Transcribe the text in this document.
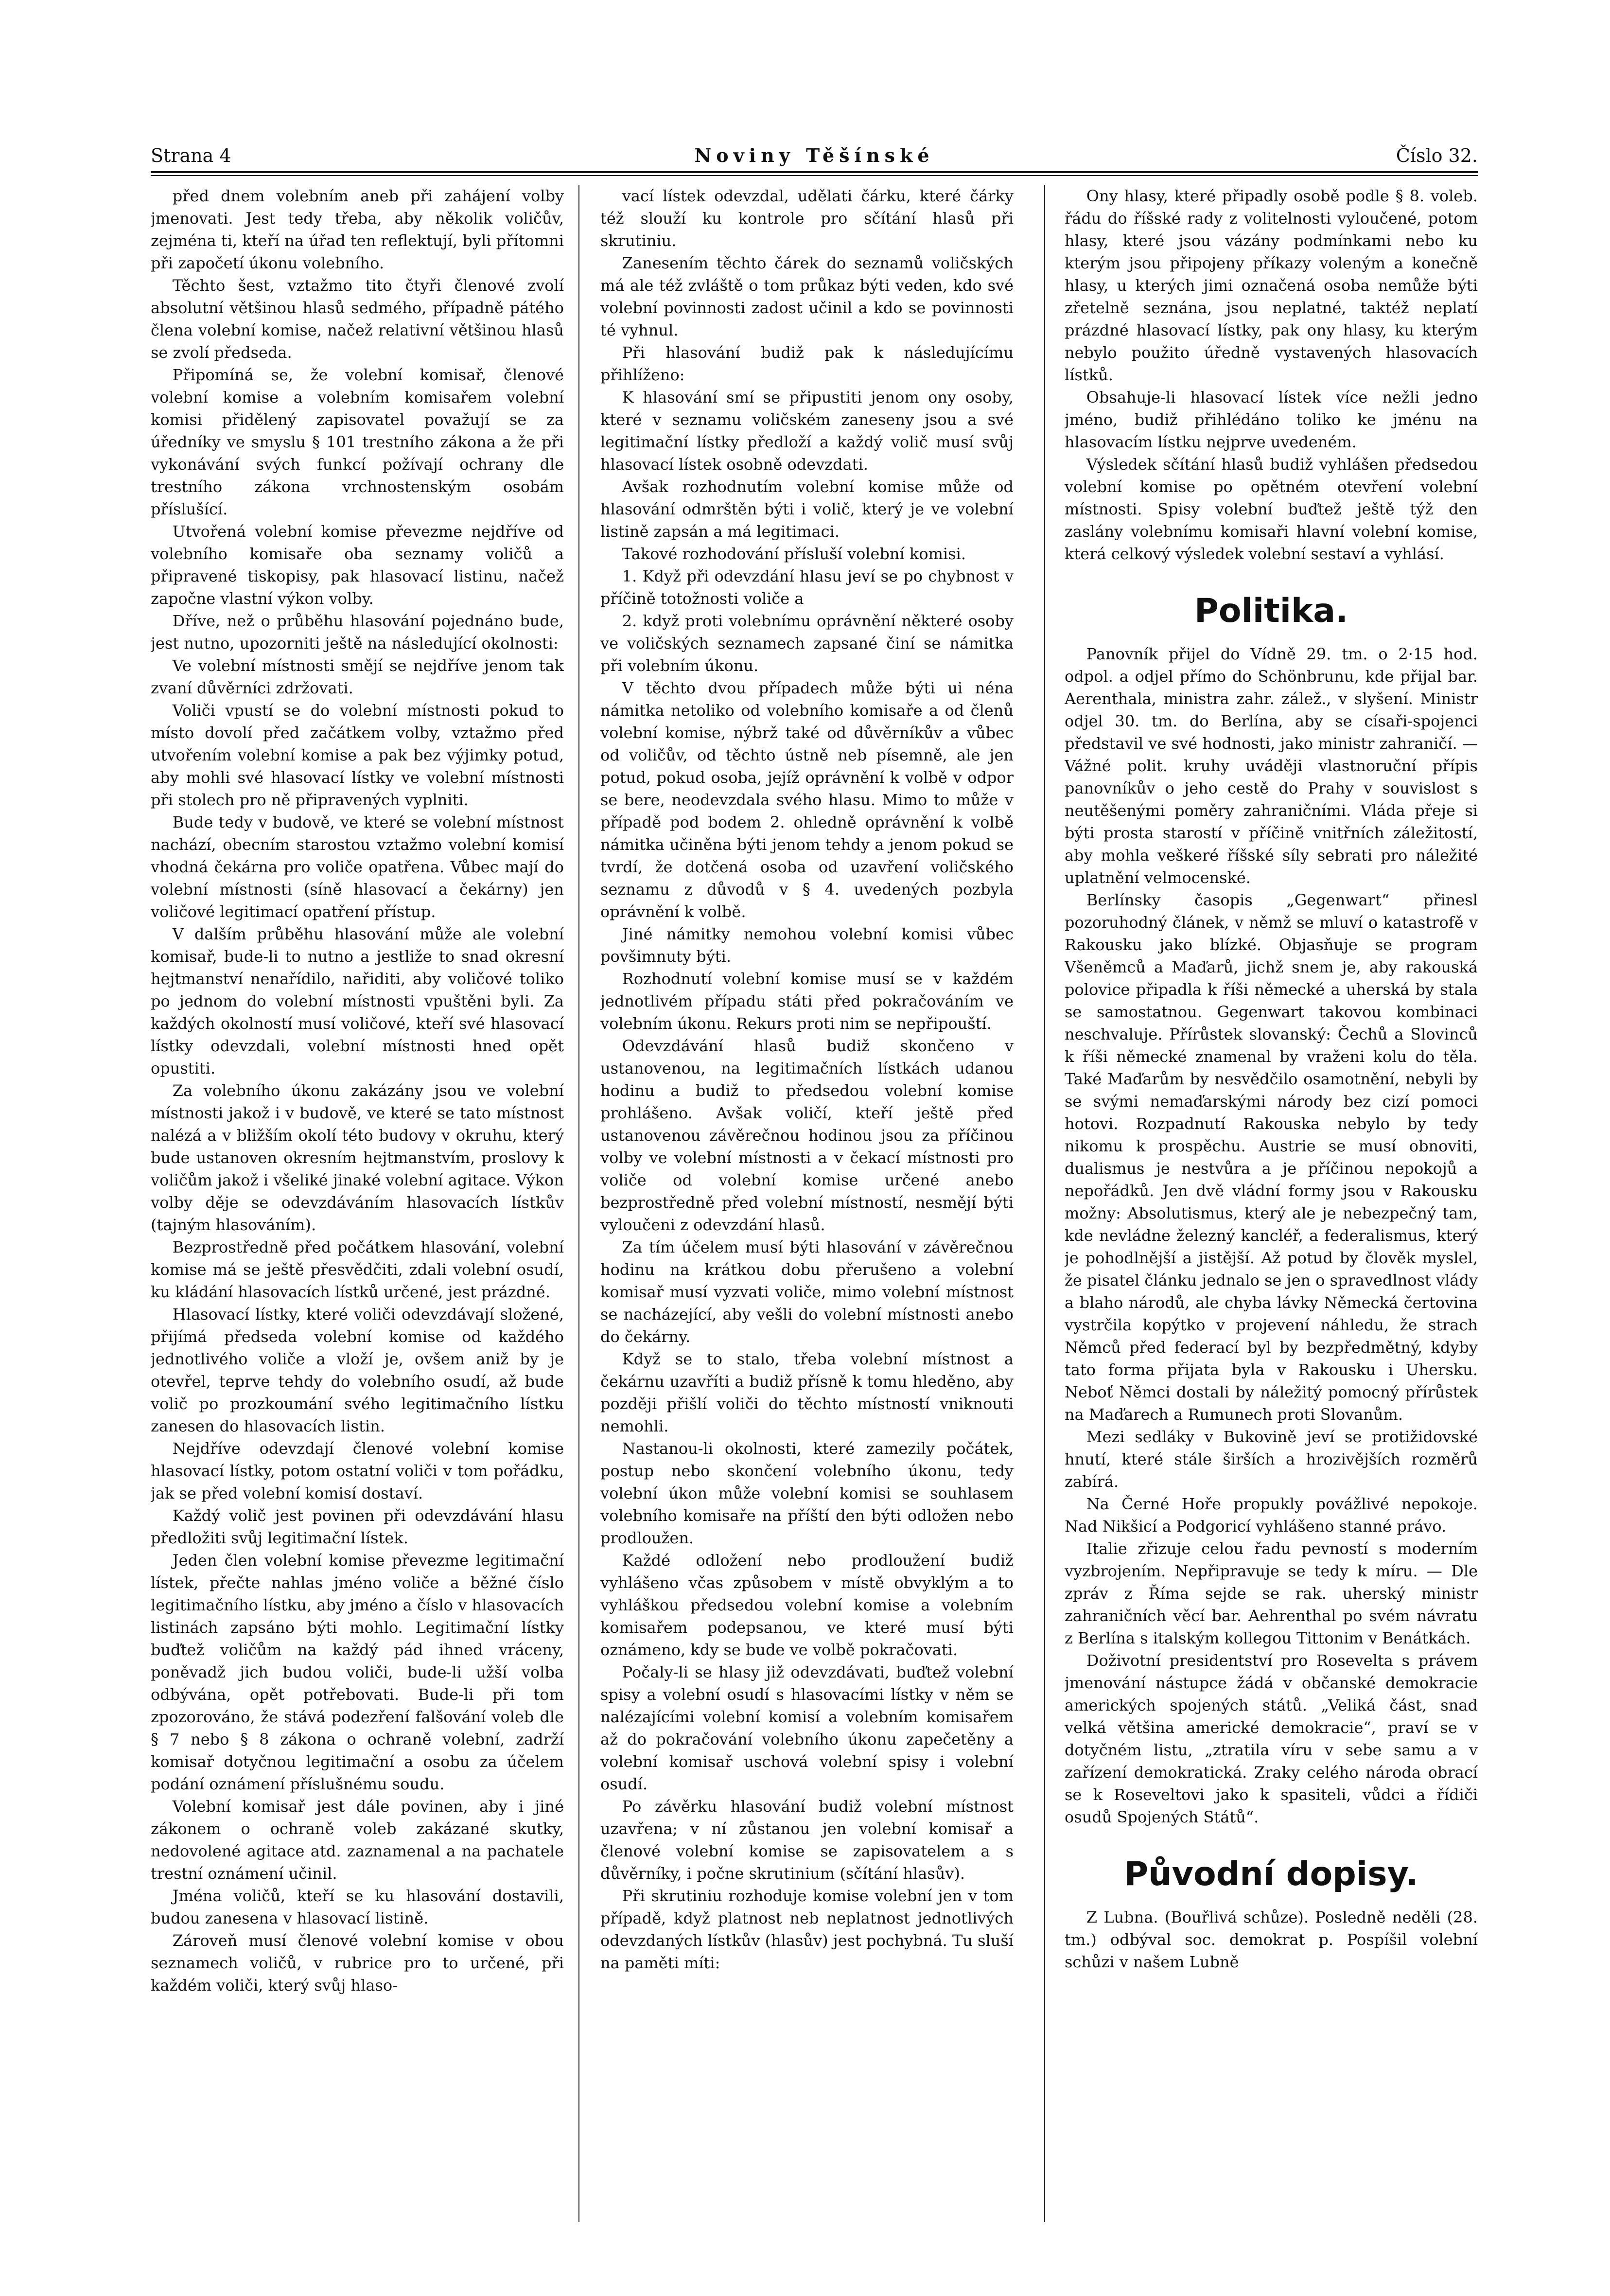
Strana 4	Noviny Těšínské	Číslo 32.

před dnem volebním aneb při zahájení volby jmenovati. Jest tedy třeba, aby několik voličův, zejména ti, kteří na úřad ten reflektují, byli přítomni při započetí úkonu volebního.

Těchto šest, vztažmo tito čtyři členové zvolí absolutní většinou hlasů sedmého, případně pátého člena volební komise, načež relativní většinou hlasů se zvolí předseda.

Připomíná se, že volební komisař, členové volební komise a volebním komisařem volební komisi přidělený zapisovatel považují se za úředníky ve smyslu § 101 trestního zákona a že při vykonávání svých funkcí požívají ochrany dle trestního zákona vrchnostenským osobám příslušící.

Utvořená volební komise převezme nejdříve od volebního komisaře oba seznamy voličů a připravené tiskopisy, pak hlasovací listinu, načež započne vlastní výkon volby.

Dříve, než o průběhu hlasování pojednáno bude, jest nutno, upozorniti ještě na následující okolnosti:

Ve volební místnosti smějí se nejdříve jenom tak zvaní důvěrníci zdržovati.

Voliči vpustí se do volební místnosti pokud to místo dovolí před začátkem volby, vztažmo před utvořením volební komise a pak bez výjimky potud, aby mohli své hlasovací lístky ve volební místnosti při stolech pro ně připravených vyplniti.

Bude tedy v budově, ve které se volební místnost nachází, obecním starostou vztažmo volební komisí vhodná čekárna pro voliče opatřena. Vůbec mají do volební místnosti (síně hlasovací a čekárny) jen voličové legitimací opatření přístup.

V dalším průběhu hlasování může ale volební komisař, bude-li to nutno a jestliže to snad okresní hejtmanství nenařídilo, nařiditi, aby voličové toliko po jednom do volební místnosti vpuštěni byli. Za každých okolností musí voličové, kteří své hlasovací lístky odevzdali, volební místnosti hned opět opustiti.

Za volebního úkonu zakázány jsou ve volební místnosti jakož i v budově, ve které se tato místnost nalézá a v bližším okolí této budovy v okruhu, který bude ustanoven okresním hejtmanstvím, proslovy k voličům jakož i všeliké jinaké volební agitace. Výkon volby děje se odevzdáváním hlasovacích lístkův (tajným hlasováním).

Bezprostředně před počátkem hlasování, volební komise má se ještě přesvědčiti, zdali volební osudí, ku kládání hlasovacích lístků určené, jest prázdné.

Hlasovací lístky, které voliči odevzdávají složené, přijímá předseda volební komise od každého jednotlivého voliče a vloží je, ovšem aniž by je otevřel, teprve tehdy do volebního osudí, až bude volič po prozkoumání svého legitimačního lístku zanesen do hlasovacích listin.

Nejdříve odevzdají členové volební komise hlasovací lístky, potom ostatní voliči v tom pořádku, jak se před volební komisí dostaví.

Každý volič jest povinen při odevzdávání hlasu předložiti svůj legitimační lístek.

Jeden člen volební komise převezme legitimační lístek, přečte nahlas jméno voliče a běžné číslo legitimačního lístku, aby jméno a číslo v hlasovacích listinách zapsáno býti mohlo. Legitimační lístky buďtež voličům na každý pád ihned vráceny, poněvadž jich budou voliči, bude-li užší volba odbývána, opět potřebovati. Bude-li při tom zpozorováno, že stává podezření falšování voleb dle § 7 nebo § 8 zákona o ochraně volební, zadrží komisař dotyčnou legitimační a osobu za účelem podání oznámení příslušnému soudu.

Volební komisař jest dále povinen, aby i jiné zákonem o ochraně voleb zakázané skutky, nedovolené agitace atd. zaznamenal a na pachatele trestní oznámení učinil.

Jména voličů, kteří se ku hlasování dostavili, budou zanesena v hlasovací listině.

Zároveň musí členové volební komise v obou seznamech voličů, v rubrice pro to určené, při každém voliči, který svůj hlaso-

vací lístek odevzdal, udělati čárku, které čárky též slouží ku kontrole pro sčítání hlasů při skrutiniu.

Zanesením těchto čárek do seznamů voličských má ale též zvláště o tom průkaz býti veden, kdo své volební povinnosti zadost učinil a kdo se povinnosti té vyhnul.

Při hlasování budiž pak k následujícímu přihlíženo:

K hlasování smí se připustiti jenom ony osoby, které v seznamu voličském zaneseny jsou a své legitimační lístky předloží a každý volič musí svůj hlasovací lístek osobně odevzdati.

Avšak rozhodnutím volební komise může od hlasování odmrštěn býti i volič, který je ve volební listině zapsán a má legitimaci.

Takové rozhodování přísluší volební komisi.

1. Když při odevzdání hlasu jeví se po chybnost v příčině totožnosti voliče a

2. když proti volebnímu oprávnění některé osoby ve voličských seznamech zapsané činí se námitka při volebním úkonu.

V těchto dvou případech může býti ui néna námitka netoliko od volebního komisaře a od členů volební komise, nýbrž také od důvěrníkův a vůbec od voličův, od těchto ústně neb písemně, ale jen potud, pokud osoba, jejíž oprávnění k volbě v odpor se bere, neodevzdala svého hlasu. Mimo to může v případě pod bodem 2. ohledně oprávnění k volbě námitka učiněna býti jenom tehdy a jenom pokud se tvrdí, že dotčená osoba od uzavření voličského seznamu z důvodů v § 4. uvedených pozbyla oprávnění k volbě.

Jiné námitky nemohou volební komisi vůbec povšimnuty býti.

Rozhodnutí volební komise musí se v každém jednotlivém případu státi před pokračováním ve volebním úkonu. Rekurs proti nim se nepřipouští.

Odevzdávání hlasů budiž skončeno v ustanovenou, na legitimačních lístkách udanou hodinu a budiž to předsedou volební komise prohlášeno. Avšak voličí, kteří ještě před ustanovenou závěrečnou hodinou jsou za příčinou volby ve volební místnosti a v čekací místnosti pro voliče od volební komise určené anebo bezprostředně před volební místností, nesmějí býti vyloučeni z odevzdání hlasů.

Za tím účelem musí býti hlasování v závěrečnou hodinu na krátkou dobu přerušeno a volební komisař musí vyzvati voliče, mimo volební místnost se nacházející, aby vešli do volební místnosti anebo do čekárny.

Když se to stalo, třeba volební místnost a čekárnu uzavříti a budiž přísně k tomu hleděno, aby později přišlí voliči do těchto místností vniknouti nemohli.

Nastanou-li okolnosti, které zamezily počátek, postup nebo skončení volebního úkonu, tedy volební úkon může volební komisi se souhlasem volebního komisaře na příští den býti odložen nebo prodloužen.

Každé odložení nebo prodloužení budiž vyhlášeno včas způsobem v místě obvyklým a to vyhláškou předsedou volební komise a volebním komisařem podepsanou, ve které musí býti oznámeno, kdy se bude ve volbě pokračovati.

Počaly-li se hlasy již odevzdávati, buďtež volební spisy a volební osudí s hlasovacími lístky v něm se nalézajícími volební komisí a volebním komisařem až do pokračování volebního úkonu zapečetěny a volební komisař uschová volební spisy i volební osudí.

Po závěrku hlasování budiž volební místnost uzavřena; v ní zůstanou jen volební komisař a členové volební komise se zapisovatelem a s důvěrníky, i počne skrutinium (sčítání hlasův).

Při skrutiniu rozhoduje komise volební jen v tom případě, když platnost neb neplatnost jednotlivých odevzdaných lístkův (hlasův) jest pochybná. Tu sluší na paměti míti:

Ony hlasy, které připadly osobě podle § 8. voleb. řádu do říšské rady z volitelnosti vyloučené, potom hlasy, které jsou vázány podmínkami nebo ku kterým jsou připojeny příkazy voleným a konečně hlasy, u kterých jimi označená osoba nemůže býti zřetelně seznána, jsou neplatné, taktéž neplatí prázdné hlasovací lístky, pak ony hlasy, ku kterým nebylo použito úředně vystavených hlasovacích lístků.

Obsahuje-li hlasovací lístek více nežli jedno jméno, budiž přihlédáno toliko ke jménu na hlasovacím lístku nejprve uvedeném.

Výsledek sčítání hlasů budiž vyhlášen předsedou volební komise po opětném otevření volební místnosti. Spisy volební buďtež ještě týž den zaslány volebnímu komisaři hlavní volební komise, která celkový výsledek volební sestaví a vyhlásí.

Politika.

Panovník přijel do Vídně 29. tm. o 2·15 hod. odpol. a odjel přímo do Schönbrunu, kde přijal bar. Aerenthala, ministra zahr. zálež., v slyšení. Ministr odjel 30. tm. do Berlína, aby se císaři-spojenci představil ve své hodnosti, jako ministr zahraničí. — Vážné polit. kruhy uváději vlastnoruční přípis panovníkův o jeho cestě do Prahy v souvislost s neutěšenými poměry zahraničními. Vláda přeje si býti prosta starostí v příčině vnitřních záležitostí, aby mohla veškeré říšské síly sebrati pro náležité uplatnění velmocenské.

Berlínsky časopis „Gegenwart“ přinesl pozoruhodný článek, v němž se mluví o katastrofě v Rakousku jako blízké. Objasňuje se program Všeněmců a Maďarů, jichž snem je, aby rakouská polovice připadla k říši německé a uherská by stala se samostatnou. Gegenwart takovou kombinaci neschvaluje. Přírůstek slovanský: Čechů a Slovinců k říši německé znamenal by vraženi kolu do těla. Také Maďarům by nesvědčilo osamotnění, nebyli by se svými nemaďarskými národy bez cizí pomoci hotovi. Rozpadnutí Rakouska nebylo by tedy nikomu k prospěchu. Austrie se musí obnoviti, dualismus je nestvůra a je příčinou nepokojů a nepořádků. Jen dvě vládní formy jsou v Rakousku možny: Absolutismus, který ale je nebezpečný tam, kde nevládne železný kancléř, a federalismus, který je pohodlnější a jistější. Až potud by člověk myslel, že pisatel článku jednalo se jen o spravedlnost vlády a blaho národů, ale chyba lávky Německá čertovina vystrčila kopýtko v projevení náhledu, že strach Němců před federací byl by bezpředmětný, kdyby tato forma přijata byla v Rakousku i Uhersku. Neboť Němci dostali by náležitý pomocný přírůstek na Maďarech a Rumunech proti Slovanům.

Mezi sedláky v Bukovině jeví se protižidovské hnutí, které stále širších a hrozivějších rozměrů zabírá.

Na Černé Hoře propukly povážlivé nepokoje. Nad Nikšicí a Podgoricí vyhlášeno stanné právo.

Italie zřizuje celou řadu pevností s moderním vyzbrojením. Nepřipravuje se tedy k míru. — Dle zpráv z Říma sejde se rak. uherský ministr zahraničních věcí bar. Aehrenthal po svém návratu z Berlína s italským kollegou Tittonim v Benátkách.

Doživotní presidentství pro Rosevelta s právem jmenování nástupce žádá v občanské demokracie amerických spojených států. „Veliká část, snad velká většina americké demokracie“, praví se v dotyčném listu, „ztratila víru v sebe samu a v zařízení demokratická. Zraky celého národa obrací se k Roseveltovi jako k spasiteli, vůdci a řídiči osudů Spojených Států“.

Původní dopisy.

Z Lubna. (Bouřlivá schůze). Posledně neděli (28. tm.) odbýval soc. demokrat p. Pospíšil volební schůzi v našem Lubně
